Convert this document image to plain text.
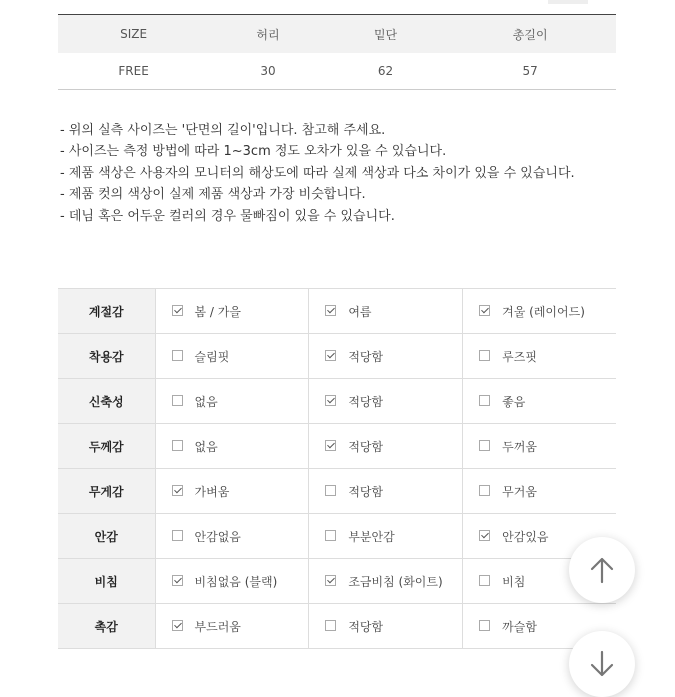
SIZE	허리	밑단	총길이
FREE	30	62	57
- 위의 실측 사이즈는 '단면의 길이'입니다. 참고해 주세요.
- 사이즈는 측정 방법에 따라 1~3cm 정도 오차가 있을 수 있습니다.
- 제품 색상은 사용자의 모니터의 해상도에 따라 실제 색상과 다소 차이가 있을 수 있습니다.
- 제품 컷의 색상이 실제 제품 색상과 가장 비슷합니다.
- 데님 혹은 어두운 컬러의 경우 물빠짐이 있을 수 있습니다.
계절감	봄 / 가을	여름	겨울 (레이어드)
착용감	슬림핏	적당함	루즈핏
신축성	없음	적당함	좋음
두께감	없음	적당함	두꺼움
무게감	가벼움	적당함	무거움
안감	안감없음	부분안감	안감있음
비침	비침없음 (블랙)	조금비침 (화이트)	비침
촉감	부드러움	적당함	까슬함
